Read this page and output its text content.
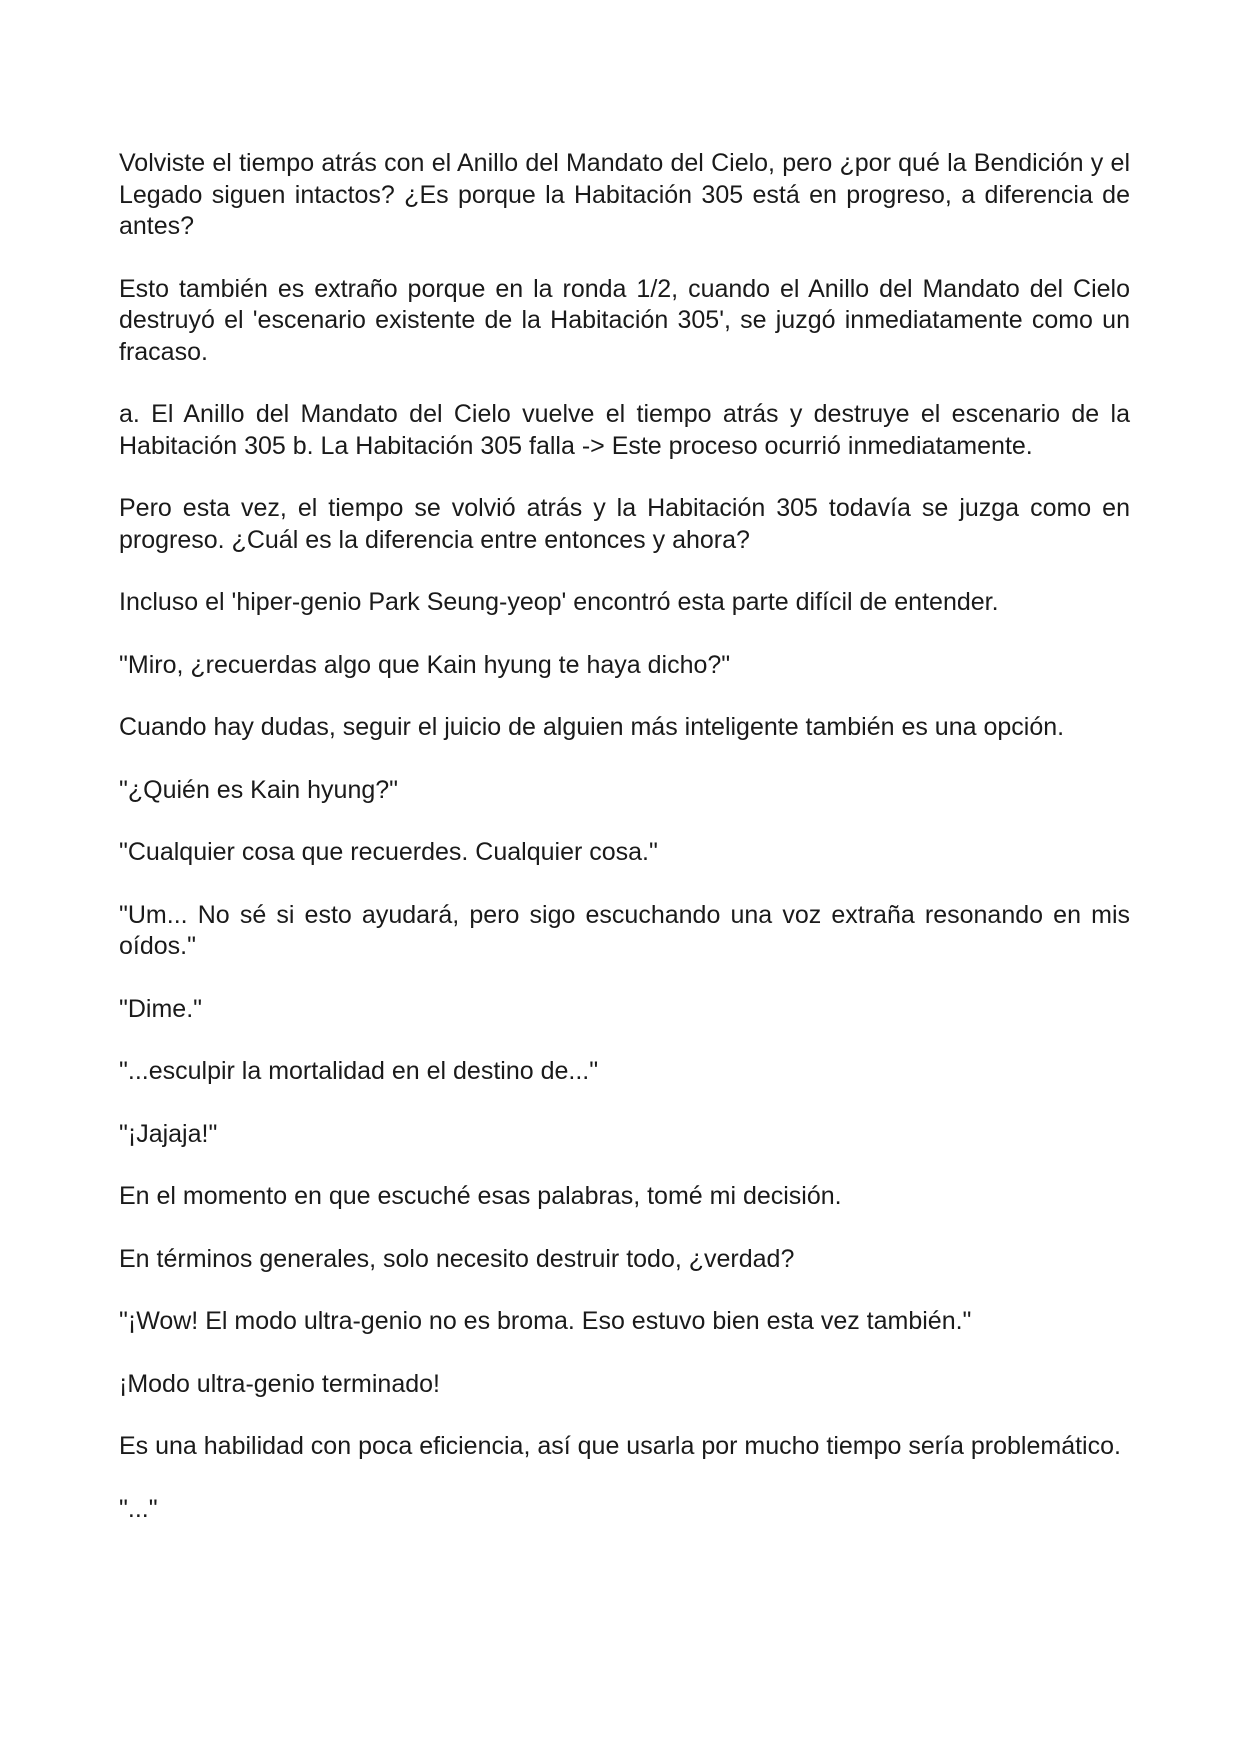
Volviste el tiempo atrás con el Anillo del Mandato del Cielo, pero ¿por qué la Bendición y el Legado siguen intactos? ¿Es porque la Habitación 305 está en progreso, a diferencia de antes?

Esto también es extraño porque en la ronda 1/2, cuando el Anillo del Mandato del Cielo destruyó el 'escenario existente de la Habitación 305', se juzgó inmediatamente como un fracaso.

a. El Anillo del Mandato del Cielo vuelve el tiempo atrás y destruye el escenario de la Habitación 305 b. La Habitación 305 falla -> Este proceso ocurrió inmediatamente.

Pero esta vez, el tiempo se volvió atrás y la Habitación 305 todavía se juzga como en progreso. ¿Cuál es la diferencia entre entonces y ahora?

Incluso el 'hiper-genio Park Seung-yeop' encontró esta parte difícil de entender.

"Miro, ¿recuerdas algo que Kain hyung te haya dicho?"

Cuando hay dudas, seguir el juicio de alguien más inteligente también es una opción.

"¿Quién es Kain hyung?"

"Cualquier cosa que recuerdes. Cualquier cosa."

"Um... No sé si esto ayudará, pero sigo escuchando una voz extraña resonando en mis oídos."

"Dime."

"...esculpir la mortalidad en el destino de..."

"¡Jajaja!"

En el momento en que escuché esas palabras, tomé mi decisión.

En términos generales, solo necesito destruir todo, ¿verdad?

"¡Wow! El modo ultra-genio no es broma. Eso estuvo bien esta vez también."

¡Modo ultra-genio terminado!

Es una habilidad con poca eficiencia, así que usarla por mucho tiempo sería problemático.

"..."
